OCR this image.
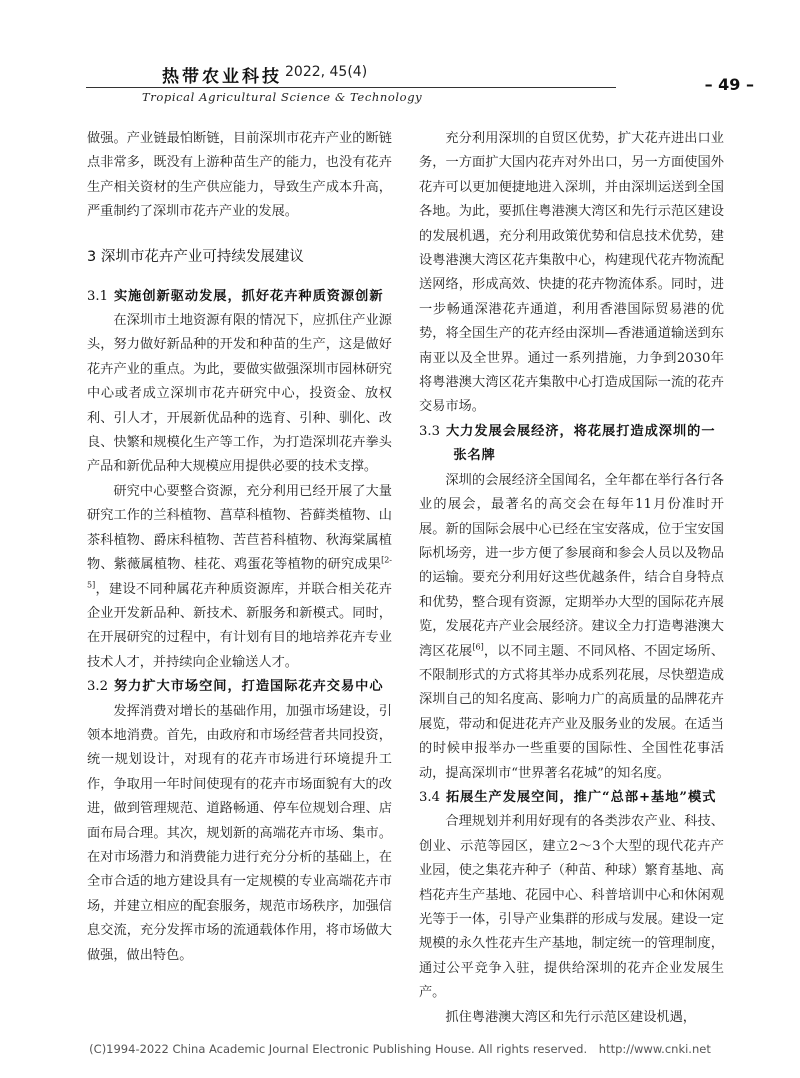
热带农业科技 2022, 45(4)
Tropical Agricultural Science & Technology
– 49 –

做强。产业链最怕断链，目前深圳市花卉产业的断链点非常多，既没有上游种苗生产的能力，也没有花卉生产相关资材的生产供应能力，导致生产成本升高，严重制约了深圳市花卉产业的发展。

3 深圳市花卉产业可持续发展建议
3.1 实施创新驱动发展，抓好花卉种质资源创新

在深圳市土地资源有限的情况下，应抓住产业源头，努力做好新品种的开发和种苗的生产，这是做好花卉产业的重点。为此，要做实做强深圳市园林研究中心或者成立深圳市花卉研究中心，投资金、放权利、引人才，开展新优品种的选育、引种、驯化、改良、快繁和规模化生产等工作，为打造深圳花卉拳头产品和新优品种大规模应用提供必要的技术支撑。

研究中心要整合资源，充分利用已经开展了大量研究工作的兰科植物、菖草科植物、苔藓类植物、山茶科植物、爵床科植物、苦苣苔科植物、秋海棠属植物、紫薇属植物、桂花、鸡蛋花等植物的研究成果[2-5]，建设不同种属花卉种质资源库，并联合相关花卉企业开发新品种、新技术、新服务和新模式。同时，在开展研究的过程中，有计划有目的地培养花卉专业技术人才，并持续向企业输送人才。

3.2 努力扩大市场空间，打造国际花卉交易中心

发挥消费对增长的基础作用，加强市场建设，引领本地消费。首先，由政府和市场经营者共同投资，统一规划设计，对现有的花卉市场进行环境提升工作，争取用一年时间使现有的花卉市场面貌有大的改进，做到管理规范、道路畅通、停车位规划合理、店面布局合理。其次，规划新的高端花卉市场、集市。在对市场潜力和消费能力进行充分分析的基础上，在全市合适的地方建设具有一定规模的专业高端花卉市场，并建立相应的配套服务，规范市场秩序，加强信息交流，充分发挥市场的流通载体作用，将市场做大做强，做出特色。

充分利用深圳的自贸区优势，扩大花卉进出口业务，一方面扩大国内花卉对外出口，另一方面使国外花卉可以更加便捷地进入深圳，并由深圳运送到全国各地。为此，要抓住粤港澳大湾区和先行示范区建设的发展机遇，充分利用政策优势和信息技术优势，建设粤港澳大湾区花卉集散中心，构建现代花卉物流配送网络，形成高效、快捷的花卉物流体系。同时，进一步畅通深港花卉通道，利用香港国际贸易港的优势，将全国生产的花卉经由深圳—香港通道输送到东南亚以及全世界。通过一系列措施，力争到2030年将粤港澳大湾区花卉集散中心打造成国际一流的花卉交易市场。

3.3 大力发展会展经济，将花展打造成深圳的一张名牌

深圳的会展经济全国闻名，全年都在举行各行各业的展会，最著名的高交会在每年11月份准时开展。新的国际会展中心已经在宝安落成，位于宝安国际机场旁，进一步方便了参展商和参会人员以及物品的运输。要充分利用好这些优越条件，结合自身特点和优势，整合现有资源，定期举办大型的国际花卉展览，发展花卉产业会展经济。建议全力打造粤港澳大湾区花展[6]，以不同主题、不同风格、不固定场所、不限制形式的方式将其举办成系列花展，尽快塑造成深圳自己的知名度高、影响力广的高质量的品牌花卉展览，带动和促进花卉产业及服务业的发展。在适当的时候申报举办一些重要的国际性、全国性花事活动，提高深圳市“世界著名花城”的知名度。

3.4 拓展生产发展空间，推广“总部+基地”模式

合理规划并利用好现有的各类涉农产业、科技、创业、示范等园区，建立2～3个大型的现代花卉产业园，使之集花卉种子（种苗、种球）繁育基地、高档花卉生产基地、花园中心、科普培训中心和休闲观光等于一体，引导产业集群的形成与发展。建设一定规模的永久性花卉生产基地，制定统一的管理制度，通过公平竞争入驻，提供给深圳的花卉企业发展生产。

抓住粤港澳大湾区和先行示范区建设机遇，

(C)1994-2022 China Academic Journal Electronic Publishing House. All rights reserved. http://www.cnki.net
